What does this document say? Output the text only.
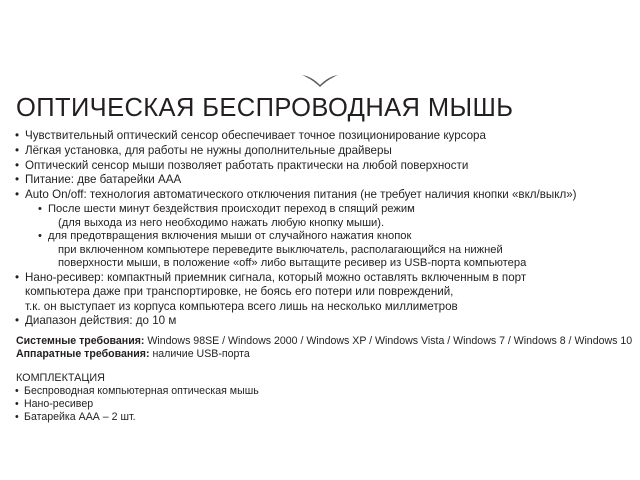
ОПТИЧЕСКАЯ БЕСПРОВОДНАЯ МЫШЬ
• Чувствительный оптический сенсор обеспечивает точное позиционирование курсора
• Лёгкая установка, для работы не нужны дополнительные драйверы
• Оптический сенсор мыши позволяет работать практически на любой поверхности
• Питание: две батарейки ААА
• Auto On/off: технология автоматического отключения питания (не требует наличия кнопки «вкл/выкл»)
• После шести минут бездействия происходит переход в спящий режим
(для выхода из него необходимо нажать любую кнопку мыши).
• для предотвращения включения мыши от случайного нажатия кнопок
при включенном компьютере переведите выключатель, располагающийся на нижней
поверхности мыши, в положение «off» либо вытащите ресивер из USB-порта компьютера
• Нано-ресивер: компактный приемник сигнала, который можно оставлять включенным в порт
компьютера даже при транспортировке, не боясь его потери или повреждений,
т.к. он выступает из корпуса компьютера всего лишь на несколько миллиметров
• Диапазон действия: до 10 м
Системные требования: Windows 98SE / Windows 2000 / Windows XP / Windows Vista / Windows 7 / Windows 8 / Windows 10
Аппаратные требования: наличие USB-порта
КОМПЛЕКТАЦИЯ
• Беспроводная компьютерная оптическая мышь
• Нано-ресивер
• Батарейка ААА – 2 шт.
